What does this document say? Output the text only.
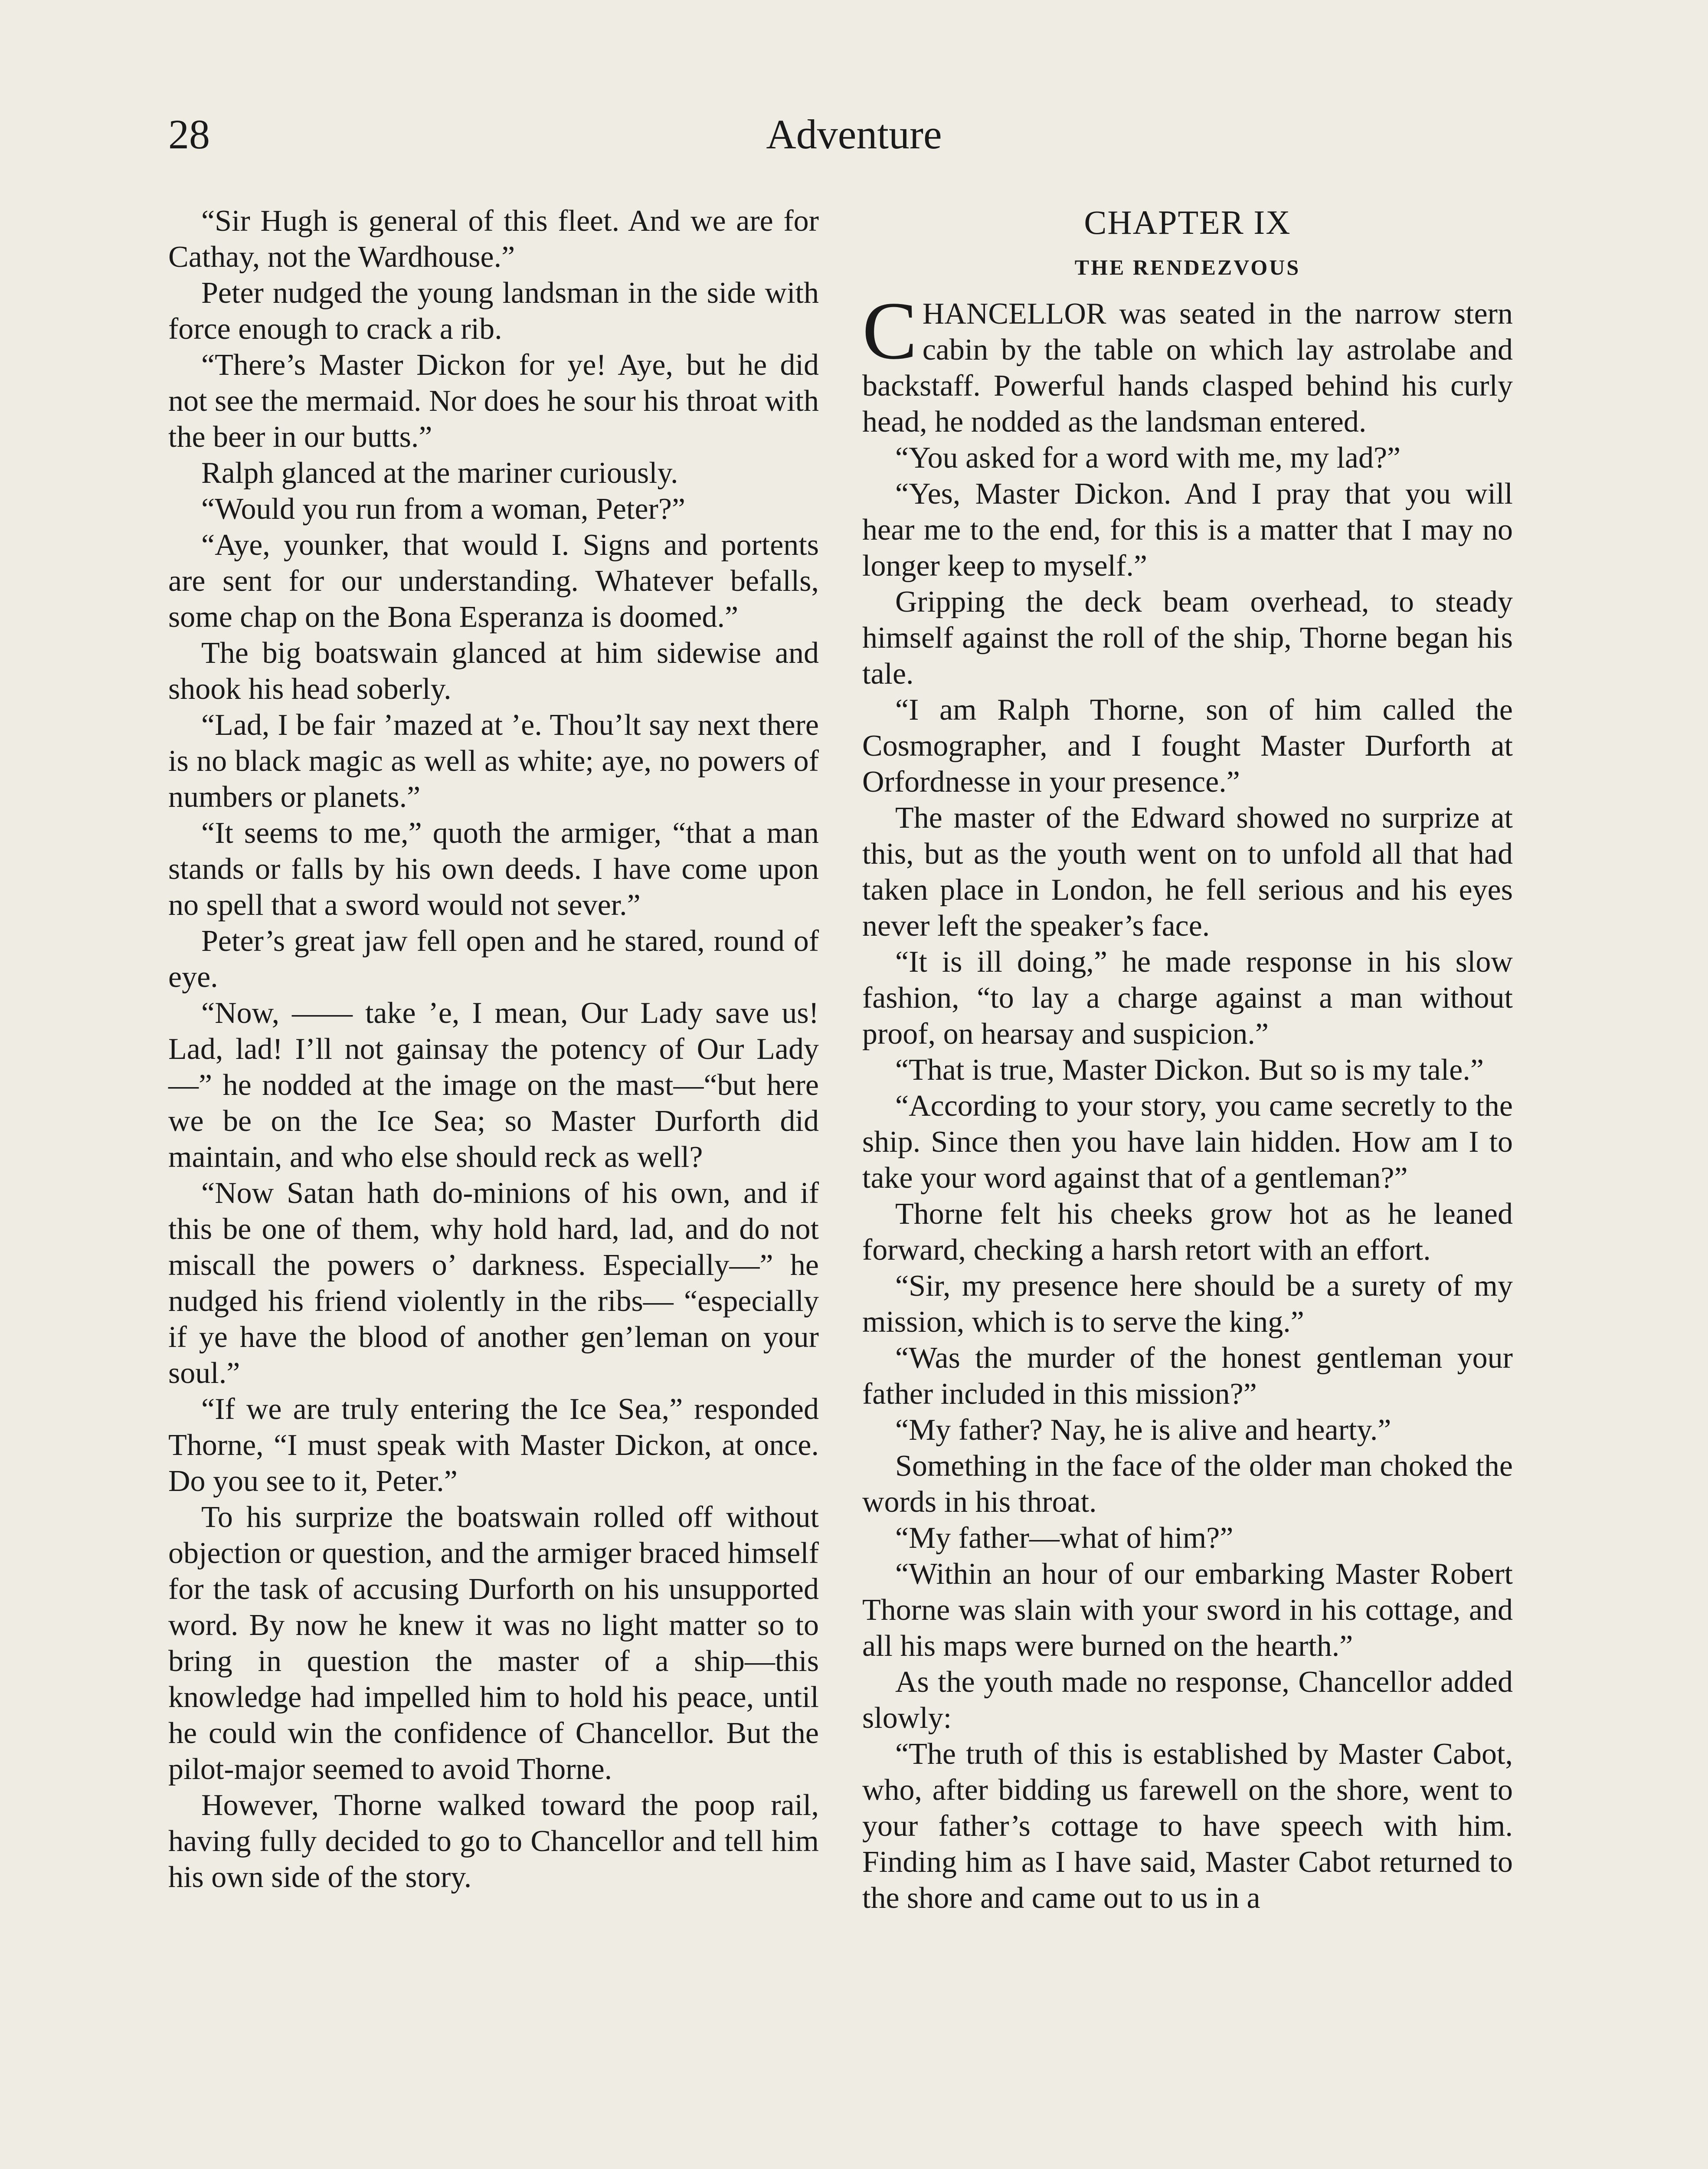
28	Adventure

“Sir Hugh is general of this fleet. And we are for Cathay, not the Wardhouse.”

Peter nudged the young landsman in the side with force enough to crack a rib.

“There’s Master Dickon for ye! Aye, but he did not see the mermaid. Nor does he sour his throat with the beer in our butts.”

Ralph glanced at the mariner curiously.

“Would you run from a woman, Peter?”

“Aye, younker, that would I. Signs and portents are sent for our understanding. Whatever befalls, some chap on the Bona Esperanza is doomed.”

The big boatswain glanced at him sidewise and shook his head soberly.

“Lad, I be fair ’mazed at ’e. Thou’lt say next there is no black magic as well as white; aye, no powers of numbers or planets.”

“It seems to me,” quoth the armiger, “that a man stands or falls by his own deeds. I have come upon no spell that a sword would not sever.”

Peter’s great jaw fell open and he stared, round of eye.

“Now, —— take ’e, I mean, Our Lady save us! Lad, lad! I’ll not gainsay the potency of Our Lady—” he nodded at the image on the mast—“but here we be on the Ice Sea; so Master Durforth did maintain, and who else should reck as well?

“Now Satan hath do-minions of his own, and if this be one of them, why hold hard, lad, and do not miscall the powers o’ darkness. Especially—” he nudged his friend violently in the ribs— “especially if ye have the blood of another gen’leman on your soul.”

“If we are truly entering the Ice Sea,” responded Thorne, “I must speak with Master Dickon, at once. Do you see to it, Peter.”

To his surprize the boatswain rolled off without objection or question, and the armiger braced himself for the task of accusing Durforth on his unsupported word. By now he knew it was no light matter so to bring in question the master of a ship—this knowledge had impelled him to hold his peace, until he could win the confidence of Chancellor. But the pilot-major seemed to avoid Thorne.

However, Thorne walked toward the poop rail, having fully decided to go to Chancellor and tell him his own side of the story.

CHAPTER IX
THE RENDEZVOUS

CHANCELLOR was seated in the narrow stern cabin by the table on which lay astrolabe and backstaff. Powerful hands clasped behind his curly head, he nodded as the landsman entered.

“You asked for a word with me, my lad?”

“Yes, Master Dickon. And I pray that you will hear me to the end, for this is a matter that I may no longer keep to myself.”

Gripping the deck beam overhead, to steady himself against the roll of the ship, Thorne began his tale.

“I am Ralph Thorne, son of him called the Cosmographer, and I fought Master Durforth at Orfordnesse in your presence.”

The master of the Edward showed no surprize at this, but as the youth went on to unfold all that had taken place in London, he fell serious and his eyes never left the speaker’s face.

“It is ill doing,” he made response in his slow fashion, “to lay a charge against a man without proof, on hearsay and suspicion.”

“That is true, Master Dickon. But so is my tale.”

“According to your story, you came secretly to the ship. Since then you have lain hidden. How am I to take your word against that of a gentleman?”

Thorne felt his cheeks grow hot as he leaned forward, checking a harsh retort with an effort.

“Sir, my presence here should be a surety of my mission, which is to serve the king.”

“Was the murder of the honest gentleman your father included in this mission?”

“My father? Nay, he is alive and hearty.”

Something in the face of the older man choked the words in his throat.

“My father—what of him?”

“Within an hour of our embarking Master Robert Thorne was slain with your sword in his cottage, and all his maps were burned on the hearth.”

As the youth made no response, Chancellor added slowly:

“The truth of this is established by Master Cabot, who, after bidding us farewell on the shore, went to your father’s cottage to have speech with him. Finding him as I have said, Master Cabot returned to the shore and came out to us in a
